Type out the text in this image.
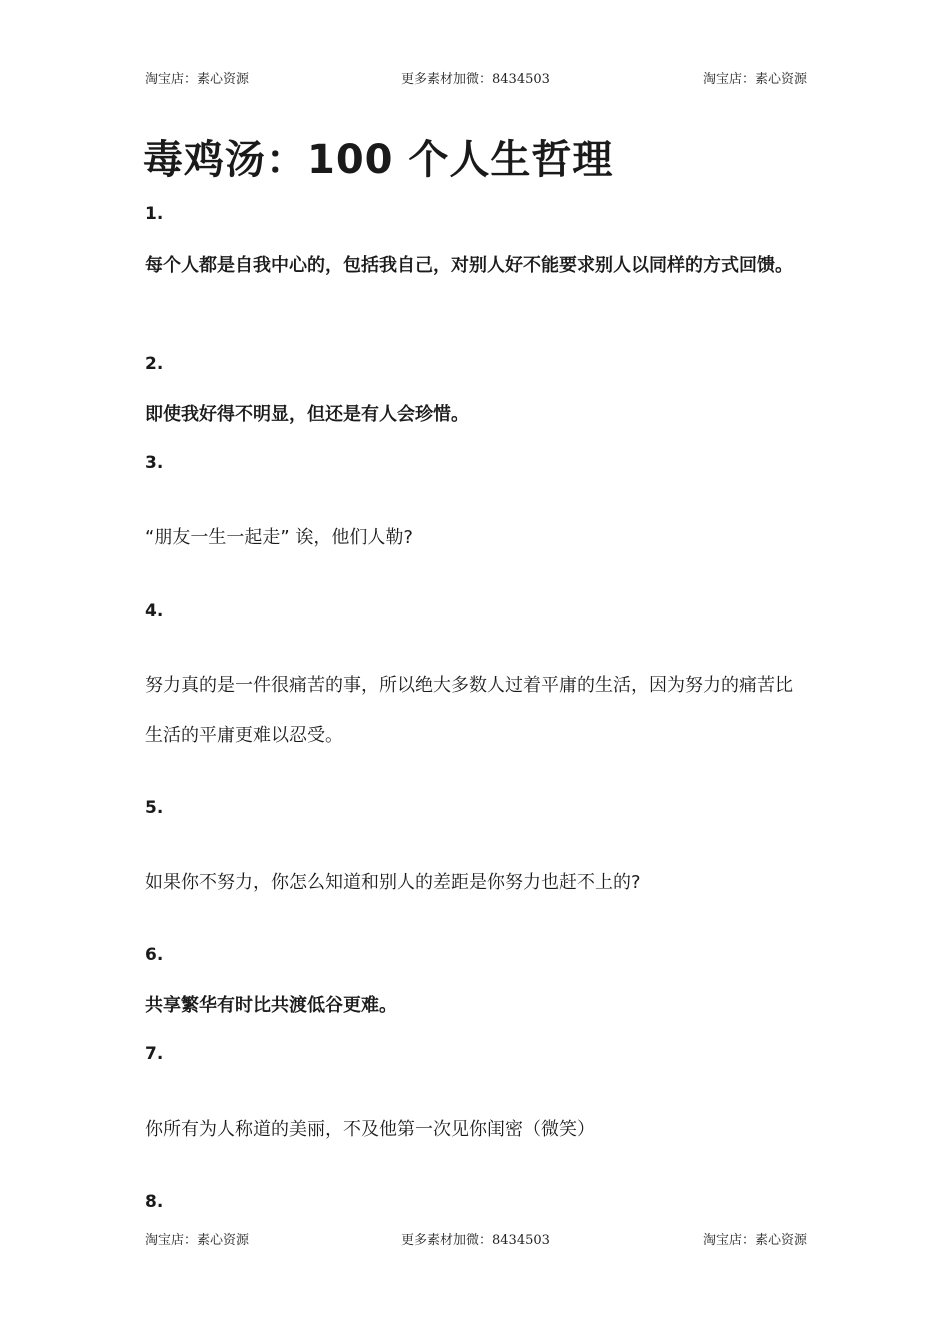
淘宝店：素心资源	更多素材加微：8434503	淘宝店：素心资源
毒鸡汤：100 个人生哲理
1.
每个人都是自我中心的，包括我自己，对别人好不能要求别人以同样的方式回馈。
2.
即使我好得不明显，但还是有人会珍惜。
3.
“朋友一生一起走” 诶，他们人勒?
4.
努力真的是一件很痛苦的事，所以绝大多数人过着平庸的生活，因为努力的痛苦比生活的平庸更难以忍受。
5.
如果你不努力，你怎么知道和别人的差距是你努力也赶不上的?
6.
共享繁华有时比共渡低谷更难。
7.
你所有为人称道的美丽，不及他第一次见你闺密（微笑）
8.
淘宝店：素心资源	更多素材加微：8434503	淘宝店：素心资源
